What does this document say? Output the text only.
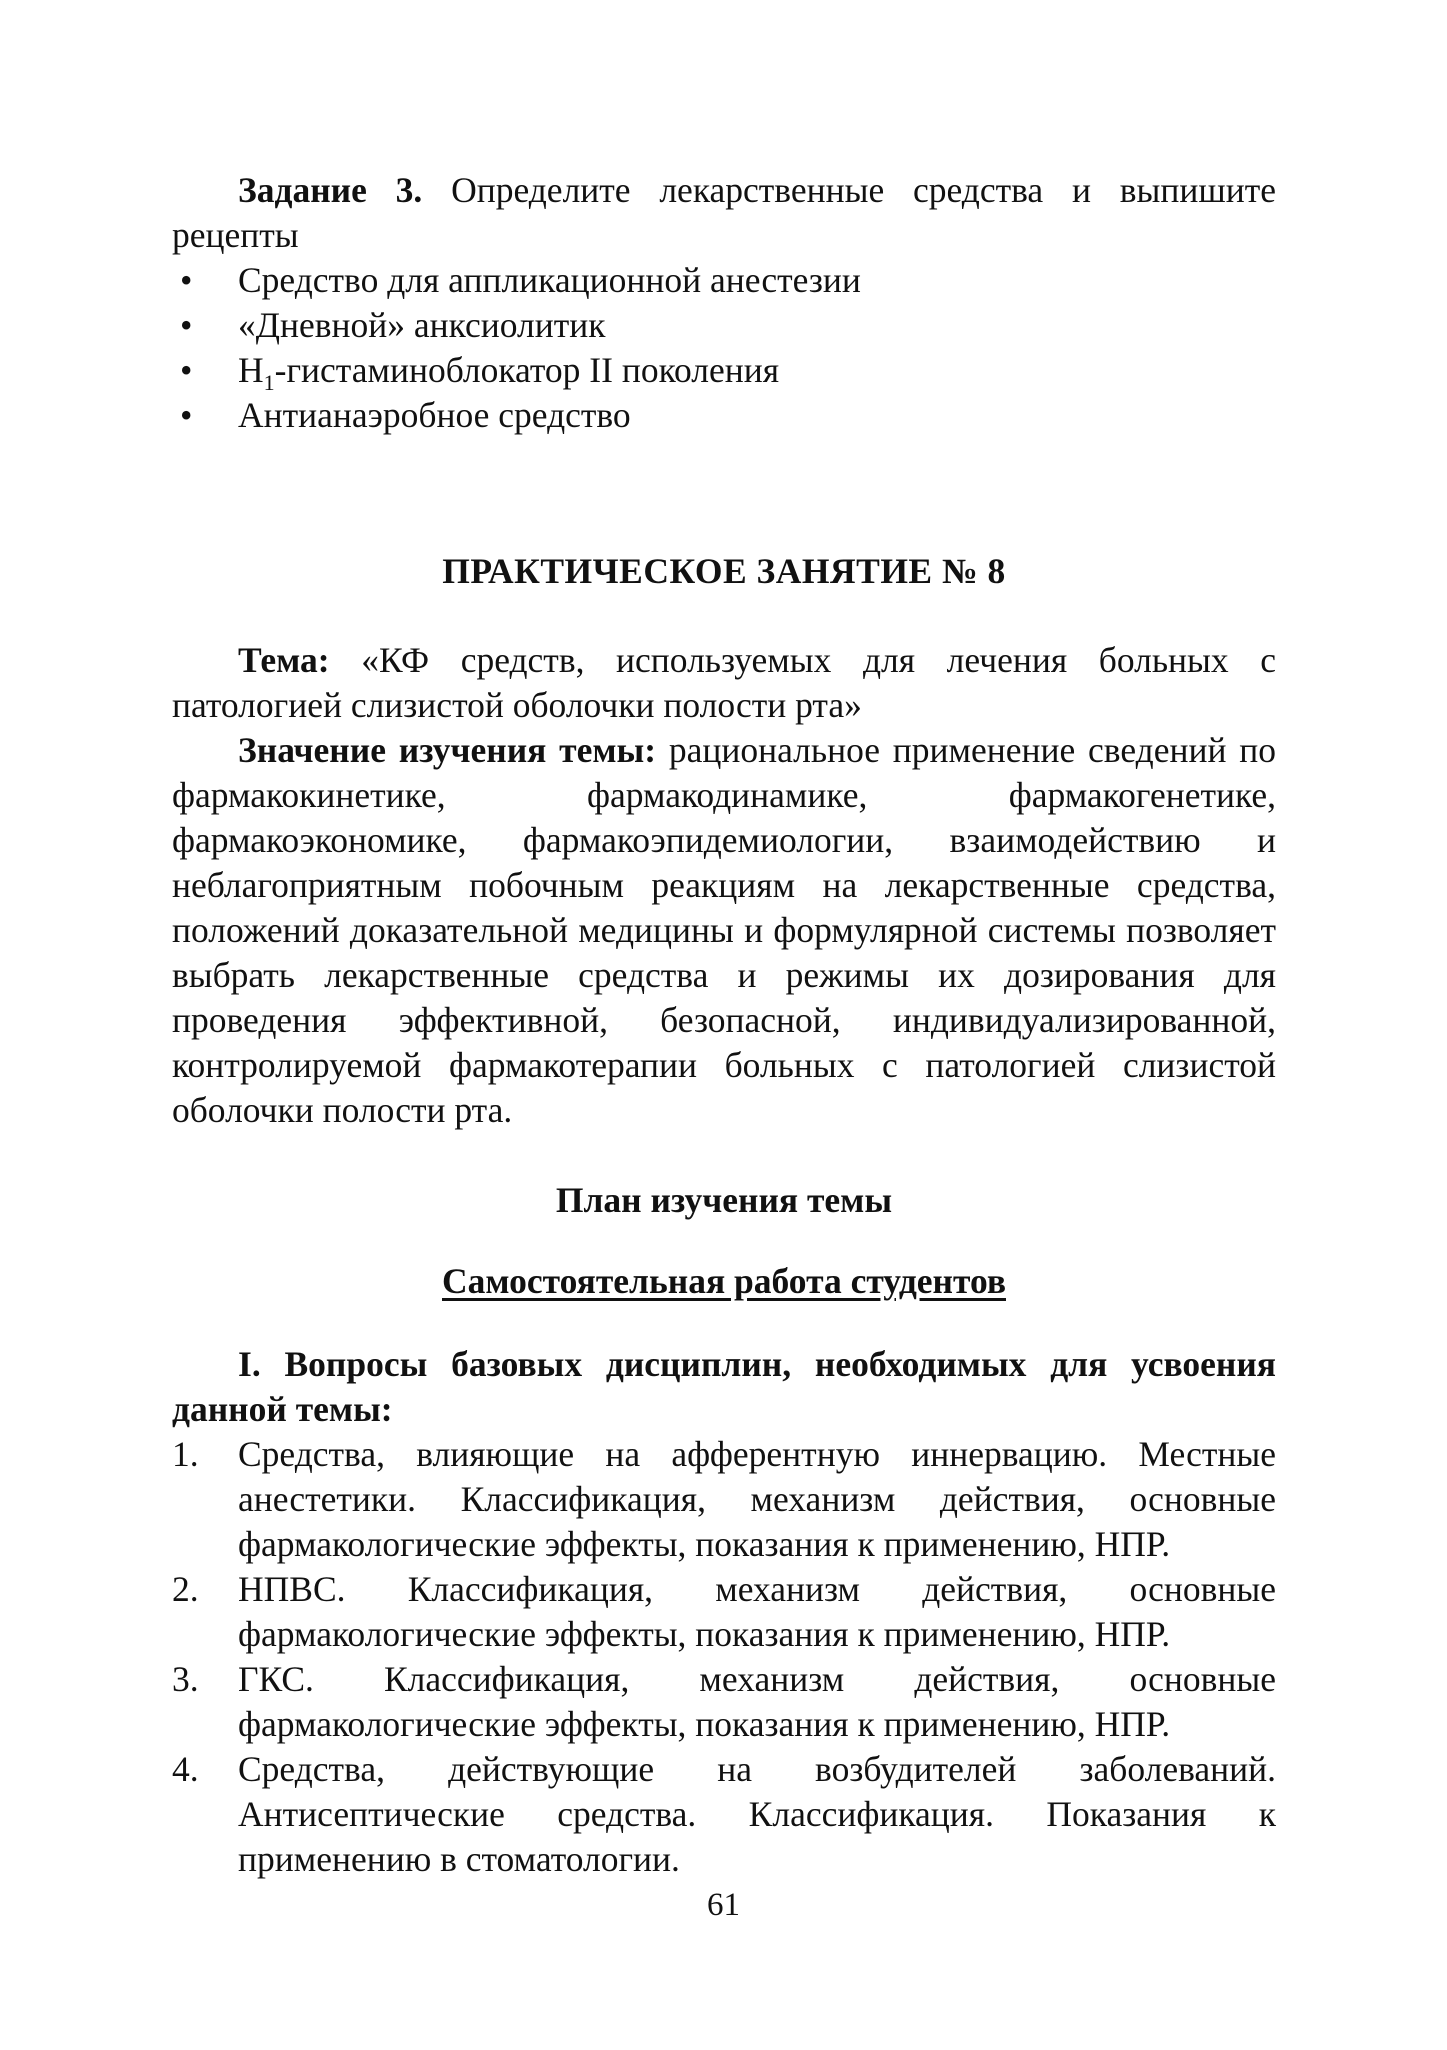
Задание 3. Определите лекарственные средства и выпишите рецепты

• Средство для аппликационной анестезии
• «Дневной» анксиолитик
• $H_1$-гистаминоблокатор II поколения
• Антианаэробное средство

ПРАКТИЧЕСКОЕ ЗАНЯТИЕ № 8

Тема: «КФ средств, используемых для лечения больных с патологией слизистой оболочки полости рта»

Значение изучения темы: рациональное применение сведений по фармакокинетике, фармакодинамике, фармакогенетике, фармакоэкономике, фармакоэпидемиологии, взаимодействию и неблагоприятным побочным реакциям на лекарственные средства, положений доказательной медицины и формулярной системы позволяет выбрать лекарственные средства и режимы их дозирования для проведения эффективной, безопасной, индивидуализированной, контролируемой фармакотерапии больных с патологией слизистой оболочки полости рта.

План изучения темы

Самостоятельная работа студентов

I. Вопросы базовых дисциплин, необходимых для усвоения данной темы:

1. Средства, влияющие на афферентную иннервацию. Местные анестетики. Классификация, механизм действия, основные фармакологические эффекты, показания к применению, НПР.
2. НПВС. Классификация, механизм действия, основные фармакологические эффекты, показания к применению, НПР.
3. ГКС. Классификация, механизм действия, основные фармакологические эффекты, показания к применению, НПР.
4. Средства, действующие на возбудителей заболеваний. Антисептические средства. Классификация. Показания к применению в стоматологии.
61
